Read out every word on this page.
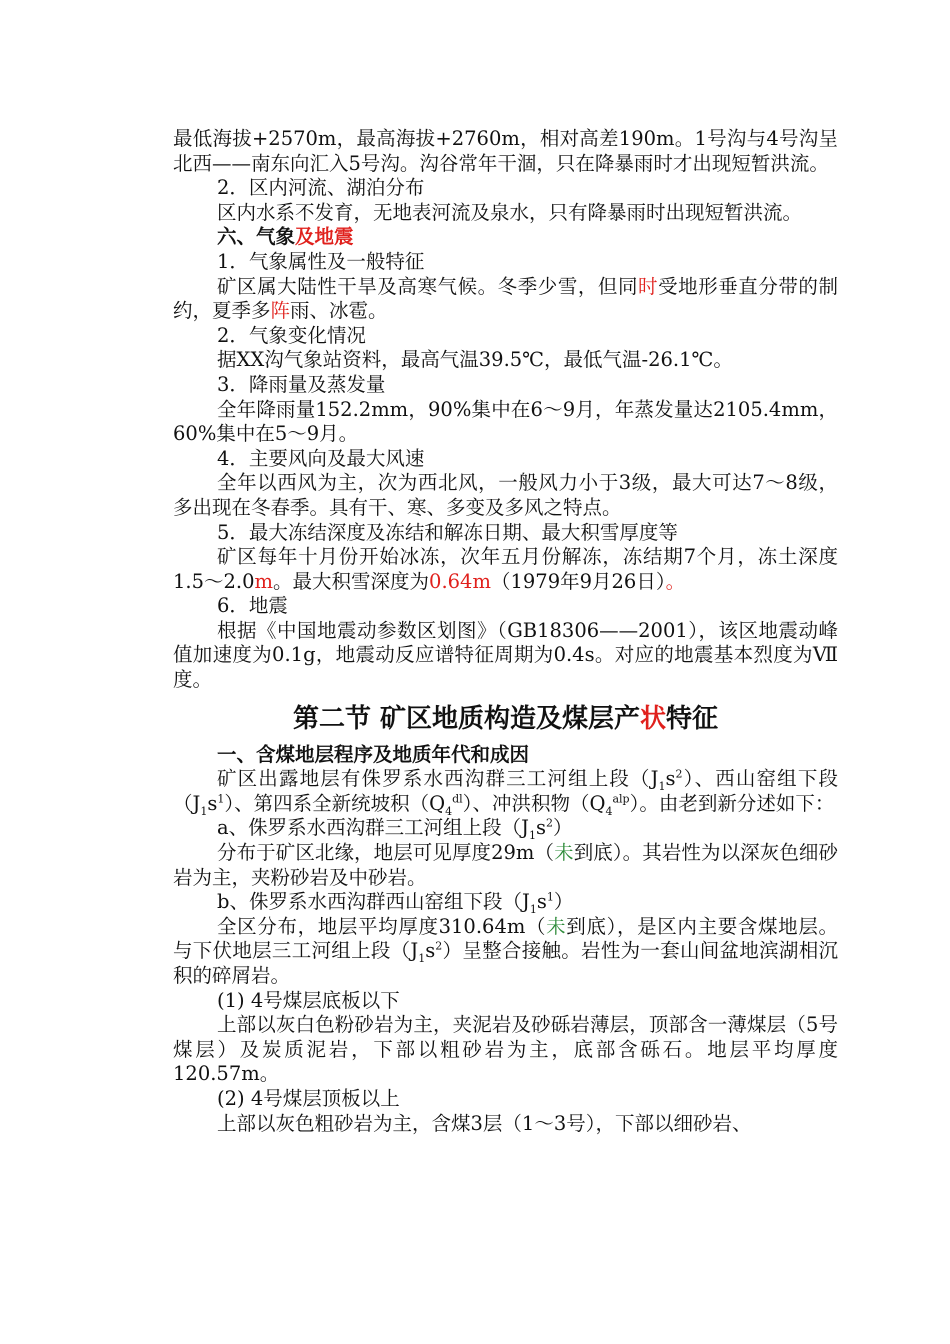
最低海拔+2570m，最高海拔+2760m，相对高差190m。1号沟与4号沟呈北西——南东向汇入5号沟。沟谷常年干涸，只在降暴雨时才出现短暂洪流。

2．区内河流、湖泊分布

区内水系不发育，无地表河流及泉水，只有降暴雨时出现短暂洪流。

六、气象及地震

1．气象属性及一般特征

矿区属大陆性干旱及高寒气候。冬季少雪，但同时受地形垂直分带的制约，夏季多阵雨、冰雹。

2．气象变化情况

据XX沟气象站资料，最高气温39.5℃，最低气温-26.1℃。

3．降雨量及蒸发量

全年降雨量152.2mm，90%集中在6～9月，年蒸发量达2105.4mm，60%集中在5～9月。

4．主要风向及最大风速

全年以西风为主，次为西北风，一般风力小于3级，最大可达7～8级，多出现在冬春季。具有干、寒、多变及多风之特点。

5．最大冻结深度及冻结和解冻日期、最大积雪厚度等

矿区每年十月份开始冰冻，次年五月份解冻，冻结期7个月，冻土深度1.5～2.0m。最大积雪深度为0.64m（1979年9月26日）。

6．地震

根据《中国地震动参数区划图》（GB18306——2001），该区地震动峰值加速度为0.1g，地震动反应谱特征周期为0.4s。对应的地震基本烈度为Ⅶ度。

第二节 矿区地质构造及煤层产状特征

一、含煤地层程序及地质年代和成因

矿区出露地层有侏罗系水西沟群三工河组上段$(J_1s^2)$、西山窑组下段$(J_1s^1)$、第四系全新统坡积$(Q_4^{dl})$、冲洪积物$(Q_4^{alp})$。由老到新分述如下：

a、侏罗系水西沟群三工河组上段$(J_1s^2)$

分布于矿区北缘，地层可见厚度29m（未到底）。其岩性为以深灰色细砂岩为主，夹粉砂岩及中砂岩。

b、侏罗系水西沟群西山窑组下段$(J_1s^1)$

全区分布，地层平均厚度310.64m（未到底），是区内主要含煤地层。与下伏地层三工河组上段$(J_1s^2)$呈整合接触。岩性为一套山间盆地滨湖相沉积的碎屑岩。

(1) 4号煤层底板以下

上部以灰白色粉砂岩为主，夹泥岩及砂砾岩薄层，顶部含一薄煤层（5号煤层）及炭质泥岩，下部以粗砂岩为主，底部含砾石。地层平均厚度120.57m。

(2) 4号煤层顶板以上

上部以灰色粗砂岩为主，含煤3层（1～3号），下部以细砂岩、
